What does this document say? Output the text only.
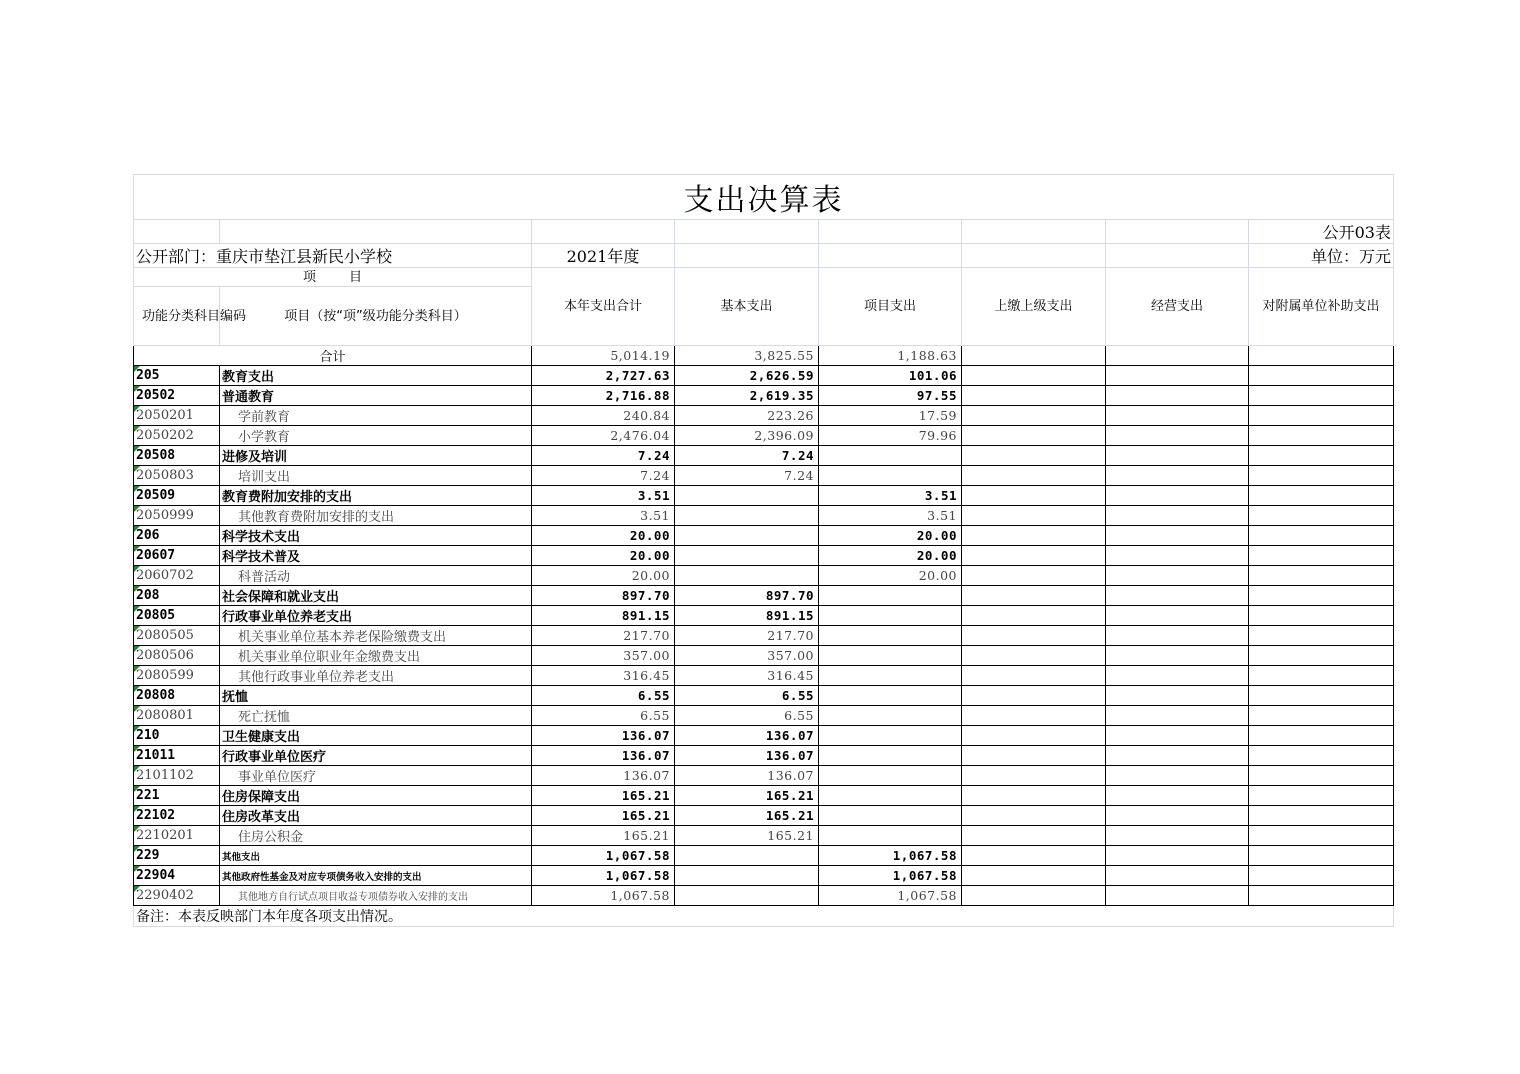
支出决算表							
							公开03表
公开部门：重庆市垫江县新民小学校		2021年度					单位：万元
项        目		本年支出合计	基本支出	项目支出	上缴上级支出	经营支出	对附属单位补助支出
功能分类科目编码	项目（按“项”级功能分类科目）						
合计		5,014.19	3,825.55	1,188.63			
205	教育支出	2,727.63	2,626.59	101.06			
20502	普通教育	2,716.88	2,619.35	97.55			
2050201	学前教育	240.84	223.26	17.59			
2050202	小学教育	2,476.04	2,396.09	79.96			
20508	进修及培训	7.24	7.24				
2050803	培训支出	7.24	7.24				
20509	教育费附加安排的支出	3.51		3.51			
2050999	其他教育费附加安排的支出	3.51		3.51			
206	科学技术支出	20.00		20.00			
20607	科学技术普及	20.00		20.00			
2060702	科普活动	20.00		20.00			
208	社会保障和就业支出	897.70	897.70				
20805	行政事业单位养老支出	891.15	891.15				
2080505	机关事业单位基本养老保险缴费支出	217.70	217.70				
2080506	机关事业单位职业年金缴费支出	357.00	357.00				
2080599	其他行政事业单位养老支出	316.45	316.45				
20808	抚恤	6.55	6.55				
2080801	死亡抚恤	6.55	6.55				
210	卫生健康支出	136.07	136.07				
21011	行政事业单位医疗	136.07	136.07				
2101102	事业单位医疗	136.07	136.07				
221	住房保障支出	165.21	165.21				
22102	住房改革支出	165.21	165.21				
2210201	住房公积金	165.21	165.21				
229	其他支出	1,067.58		1,067.58			
22904	其他政府性基金及对应专项债务收入安排的支出	1,067.58		1,067.58			
2290402	其他地方自行试点项目收益专项债券收入安排的支出	1,067.58		1,067.58			
备注：本表反映部门本年度各项支出情况。							
